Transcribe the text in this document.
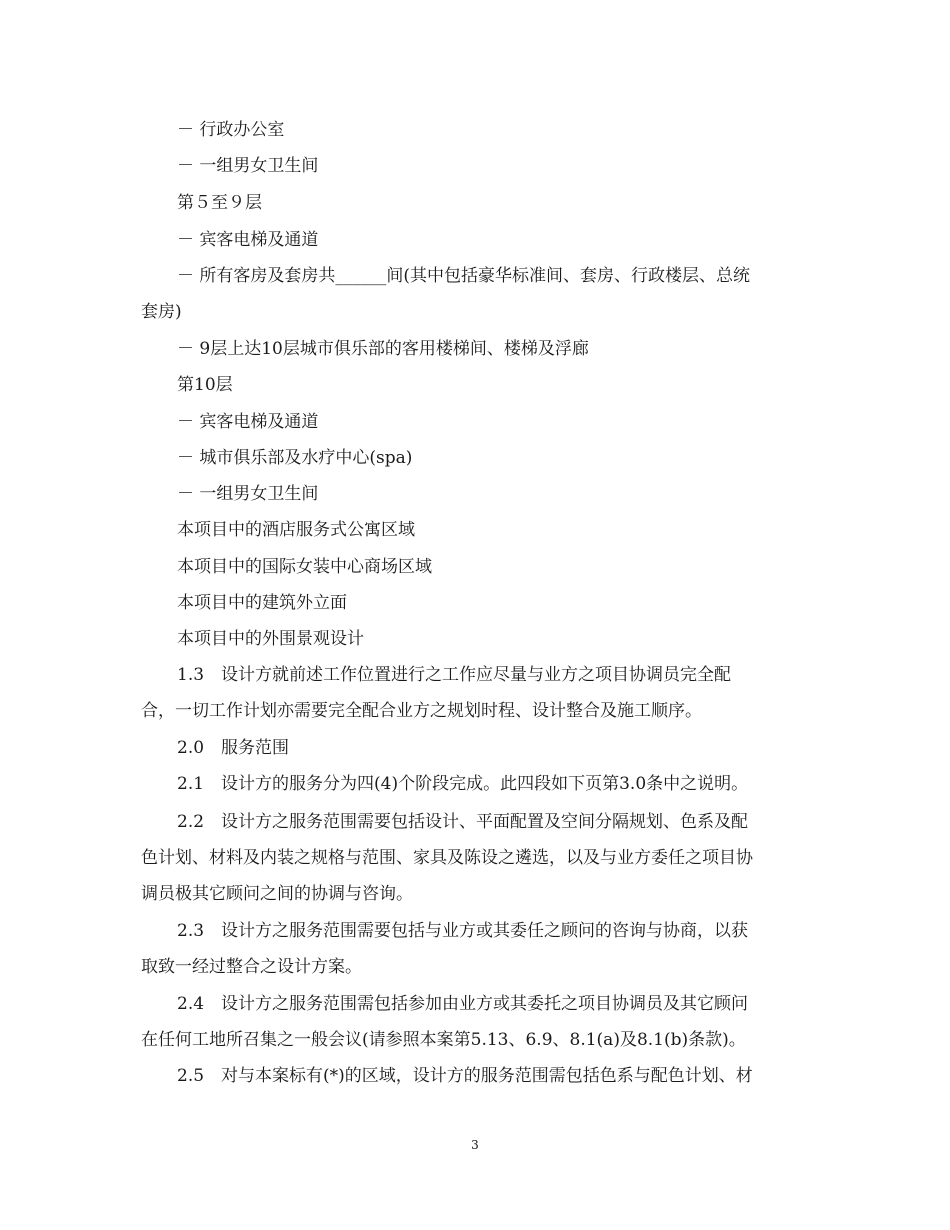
－ 行政办公室
－ 一组男女卫生间
第５至９层
－ 宾客电梯及通道
－ 所有客房及套房共______间(其中包括豪华标准间、套房、行政楼层、总统
套房)
－ 9层上达10层城市俱乐部的客用楼梯间、楼梯及浮廊
第10层
－ 宾客电梯及通道
－ 城市俱乐部及水疗中心(spa)
－ 一组男女卫生间
本项目中的酒店服务式公寓区域
本项目中的国际女装中心商场区域
本项目中的建筑外立面
本项目中的外围景观设计
1.3　设计方就前述工作位置进行之工作应尽量与业方之项目协调员完全配
合，一切工作计划亦需要完全配合业方之规划时程、设计整合及施工顺序。
2.0　服务范围
2.1　设计方的服务分为四(4)个阶段完成。此四段如下页第3.0条中之说明。
2.2　设计方之服务范围需要包括设计、平面配置及空间分隔规划、色系及配
色计划、材料及内装之规格与范围、家具及陈设之遴选，以及与业方委任之项目协
调员极其它顾问之间的协调与咨询。
2.3　设计方之服务范围需要包括与业方或其委任之顾问的咨询与协商，以获
取致一经过整合之设计方案。
2.4　设计方之服务范围需包括参加由业方或其委托之项目协调员及其它顾问
在任何工地所召集之一般会议(请参照本案第5.13、6.9、8.1(a)及8.1(b)条款)。
2.5　对与本案标有(*)的区域，设计方的服务范围需包括色系与配色计划、材
3
